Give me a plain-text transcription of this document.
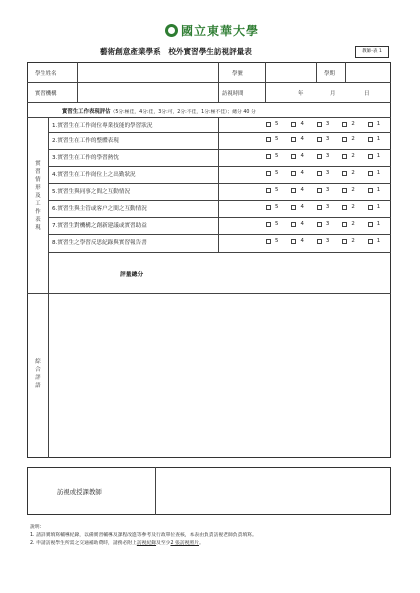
國立東華大學
藝術創意產業學系　校外實習學生訪視評量表	教師-表 1
學生姓名	學號	學期
實習機構	訪視時間	年	月	日
實習生工作表現評估（5分:極佳，4分:佳，3分:可，2分:不佳，1分:極不佳）；總分 40 分
實
習
情
形
及
工
作
表
現
1.實習生在工作崗位專業技能的學習狀況	5	4	3	2	1
2.實習生在工作的整體表現	5	4	3	2	1
3.實習生在工作的學習熱忱	5	4	3	2	1
4.實習生在工作崗位上之出勤狀況	5	4	3	2	1
5.實習生與同事之間之互動情況	5	4	3	2	1
6.實習生與主管或客户之間之互動情況	5	4	3	2	1
7.實習生對機構之創新建議或實習助益	5	4	3	2	1
8.實習生之學習反思紀錄與實習報告書	5	4	3	2	1
評量總分
綜
合
評
語
訪視或授課教師
說明：
1. 請詳實填寫輔導紀錄，以備實習輔導及課程改進等參考及行政單位查核，本表由負責訪視老師負責填寫。
2. 申請訪視學生所需之交通補助費時，請務必附上訪視紀錄及至少2 張訪視照片。
